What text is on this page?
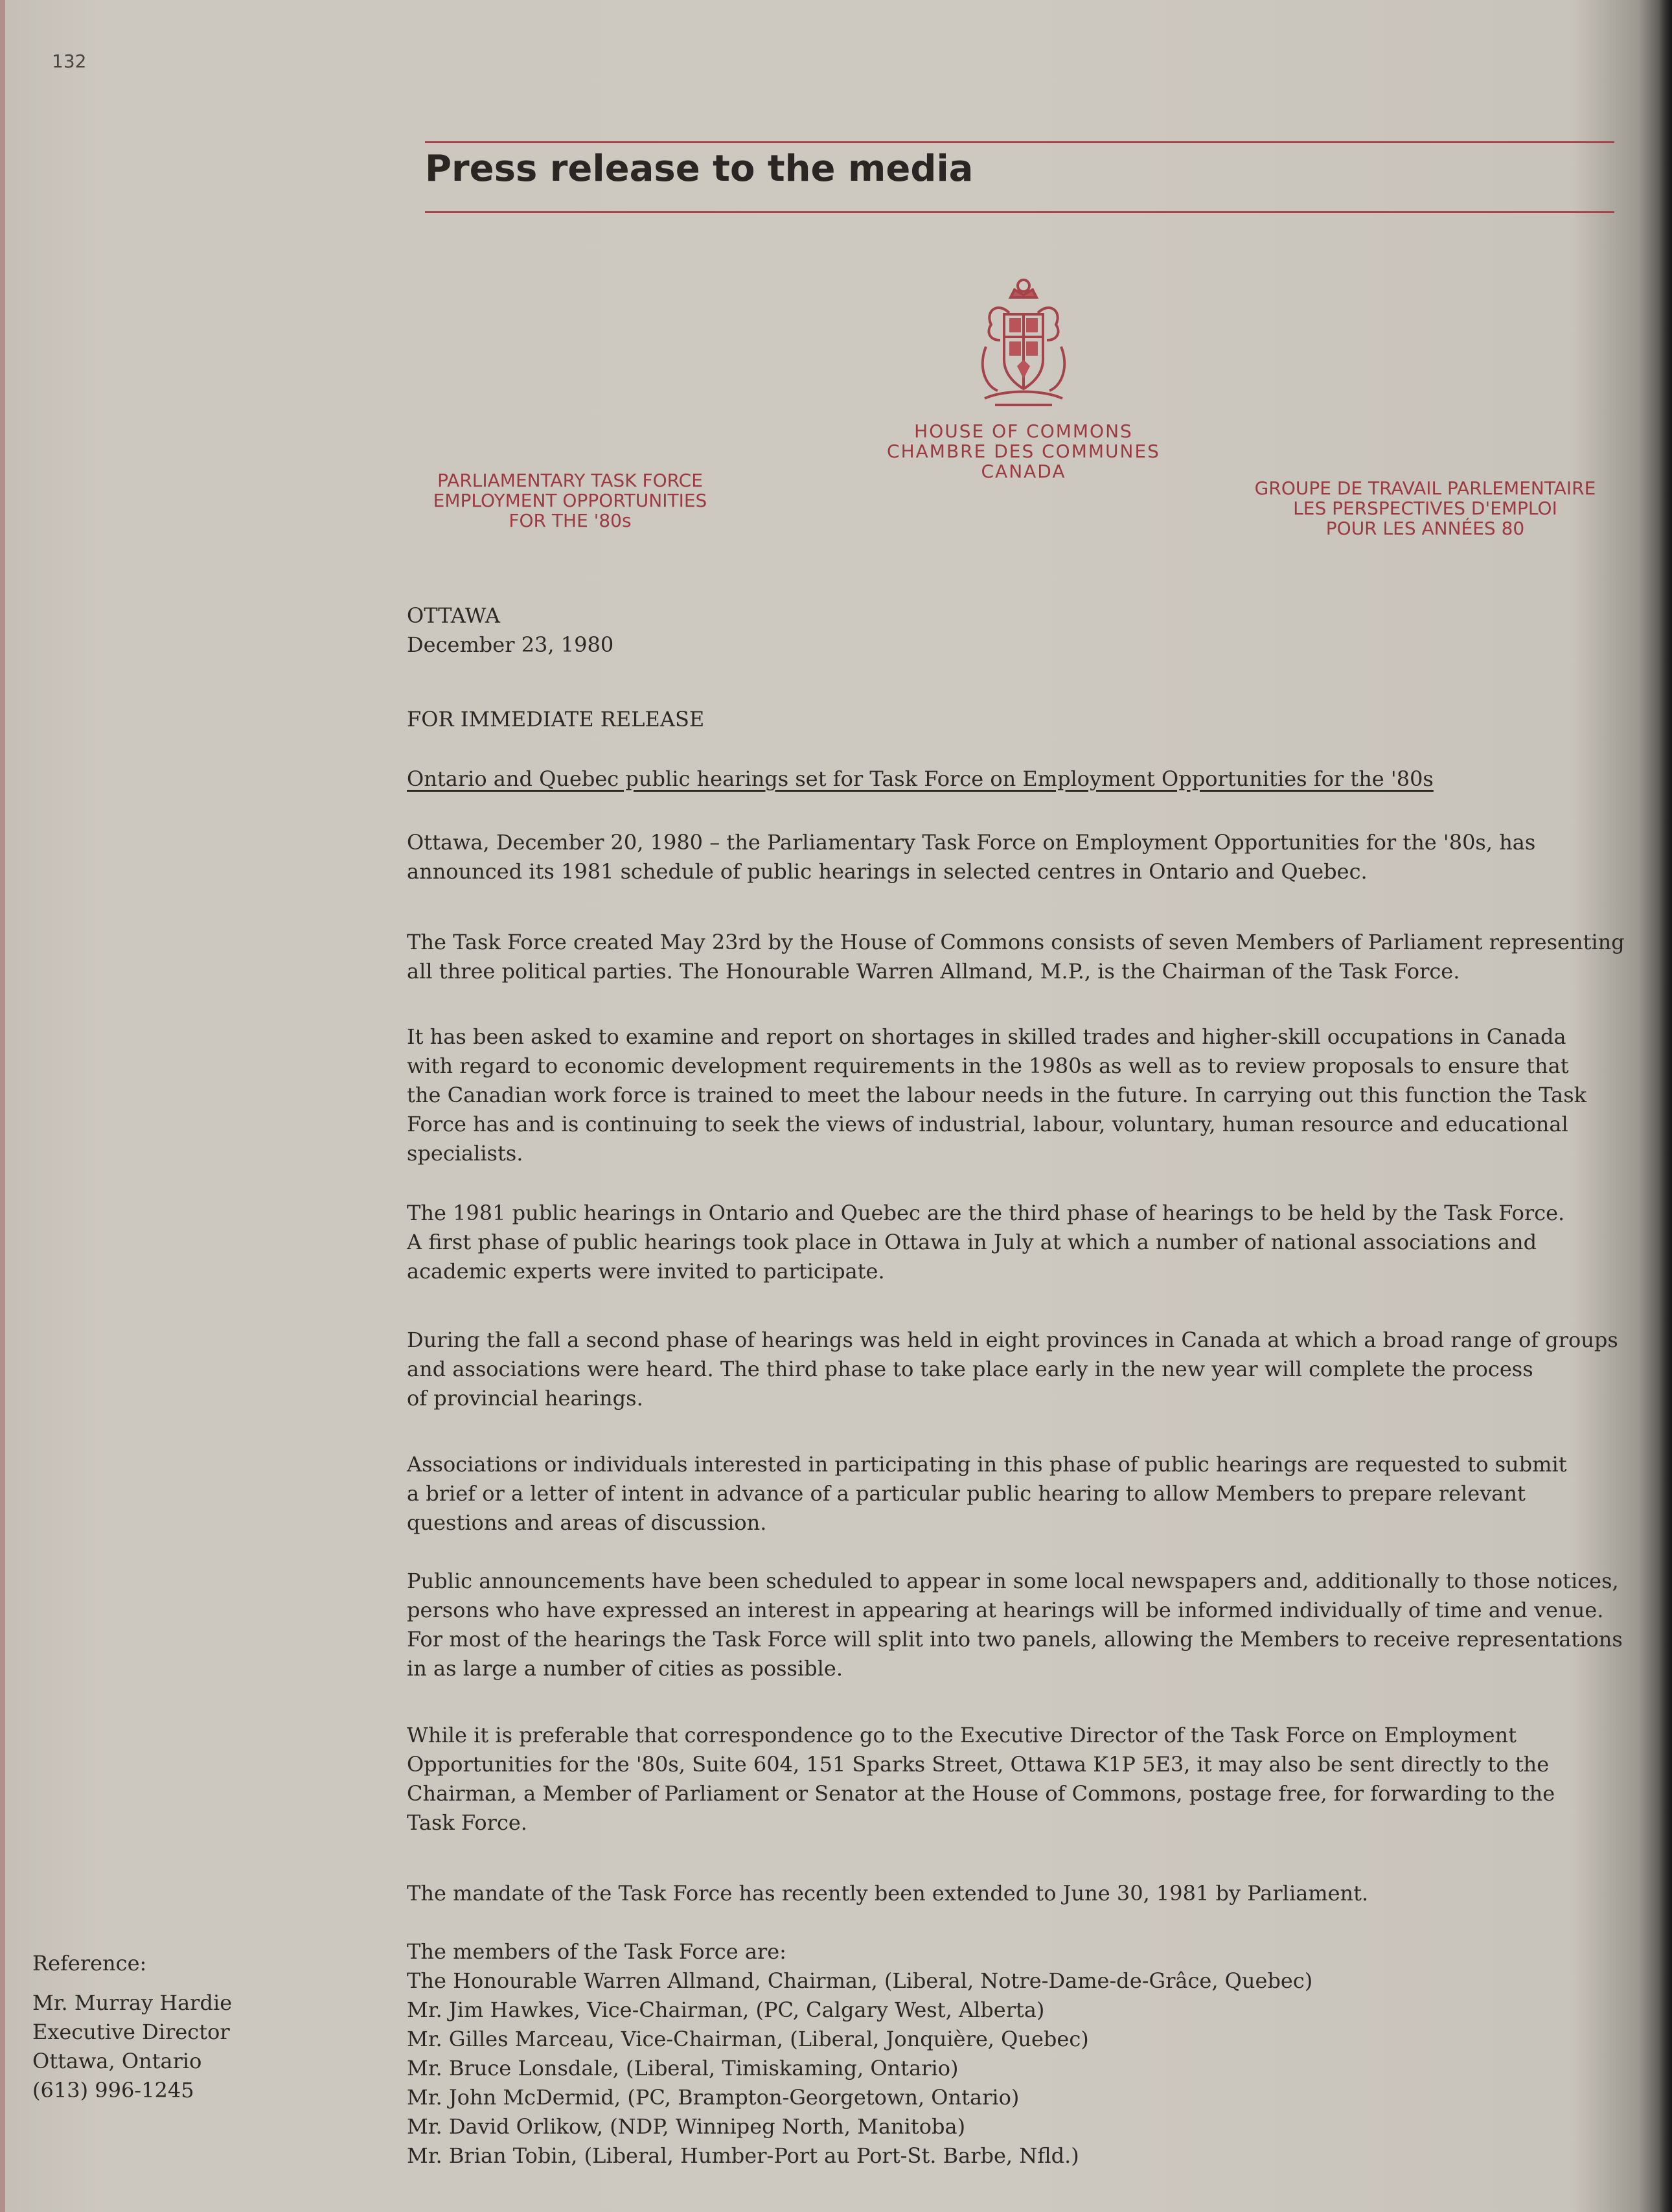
132
Press release to the media
HOUSE OF COMMONS
CHAMBRE DES COMMUNES
CANADA
PARLIAMENTARY TASK FORCE
EMPLOYMENT OPPORTUNITIES
FOR THE '80s
GROUPE DE TRAVAIL PARLEMENTAIRE
LES PERSPECTIVES D'EMPLOI
POUR LES ANNÉES 80
OTTAWA
December 23, 1980
FOR IMMEDIATE RELEASE
Ontario and Quebec public hearings set for Task Force on Employment Opportunities for the '80s
Ottawa, December 20, 1980 – the Parliamentary Task Force on Employment Opportunities for the '80s, has
announced its 1981 schedule of public hearings in selected centres in Ontario and Quebec.
The Task Force created May 23rd by the House of Commons consists of seven Members of Parliament representing
all three political parties. The Honourable Warren Allmand, M.P., is the Chairman of the Task Force.
It has been asked to examine and report on shortages in skilled trades and higher-skill occupations in Canada
with regard to economic development requirements in the 1980s as well as to review proposals to ensure that
the Canadian work force is trained to meet the labour needs in the future. In carrying out this function the Task
Force has and is continuing to seek the views of industrial, labour, voluntary, human resource and educational
specialists.
The 1981 public hearings in Ontario and Quebec are the third phase of hearings to be held by the Task Force.
A first phase of public hearings took place in Ottawa in July at which a number of national associations and
academic experts were invited to participate.
During the fall a second phase of hearings was held in eight provinces in Canada at which a broad range of groups
and associations were heard. The third phase to take place early in the new year will complete the process
of provincial hearings.
Associations or individuals interested in participating in this phase of public hearings are requested to submit
a brief or a letter of intent in advance of a particular public hearing to allow Members to prepare relevant
questions and areas of discussion.
Public announcements have been scheduled to appear in some local newspapers and, additionally to those notices,
persons who have expressed an interest in appearing at hearings will be informed individually of time and venue.
For most of the hearings the Task Force will split into two panels, allowing the Members to receive representations
in as large a number of cities as possible.
While it is preferable that correspondence go to the Executive Director of the Task Force on Employment
Opportunities for the '80s, Suite 604, 151 Sparks Street, Ottawa K1P 5E3, it may also be sent directly to the
Chairman, a Member of Parliament or Senator at the House of Commons, postage free, for forwarding to the
Task Force.
The mandate of the Task Force has recently been extended to June 30, 1981 by Parliament.
The members of the Task Force are:
The Honourable Warren Allmand, Chairman, (Liberal, Notre-Dame-de-Grâce, Quebec)
Mr. Jim Hawkes, Vice-Chairman, (PC, Calgary West, Alberta)
Mr. Gilles Marceau, Vice-Chairman, (Liberal, Jonquière, Quebec)
Mr. Bruce Lonsdale, (Liberal, Timiskaming, Ontario)
Mr. John McDermid, (PC, Brampton-Georgetown, Ontario)
Mr. David Orlikow, (NDP, Winnipeg North, Manitoba)
Mr. Brian Tobin, (Liberal, Humber-Port au Port-St. Barbe, Nfld.)
Reference:
Mr. Murray Hardie
Executive Director
Ottawa, Ontario
(613) 996-1245
